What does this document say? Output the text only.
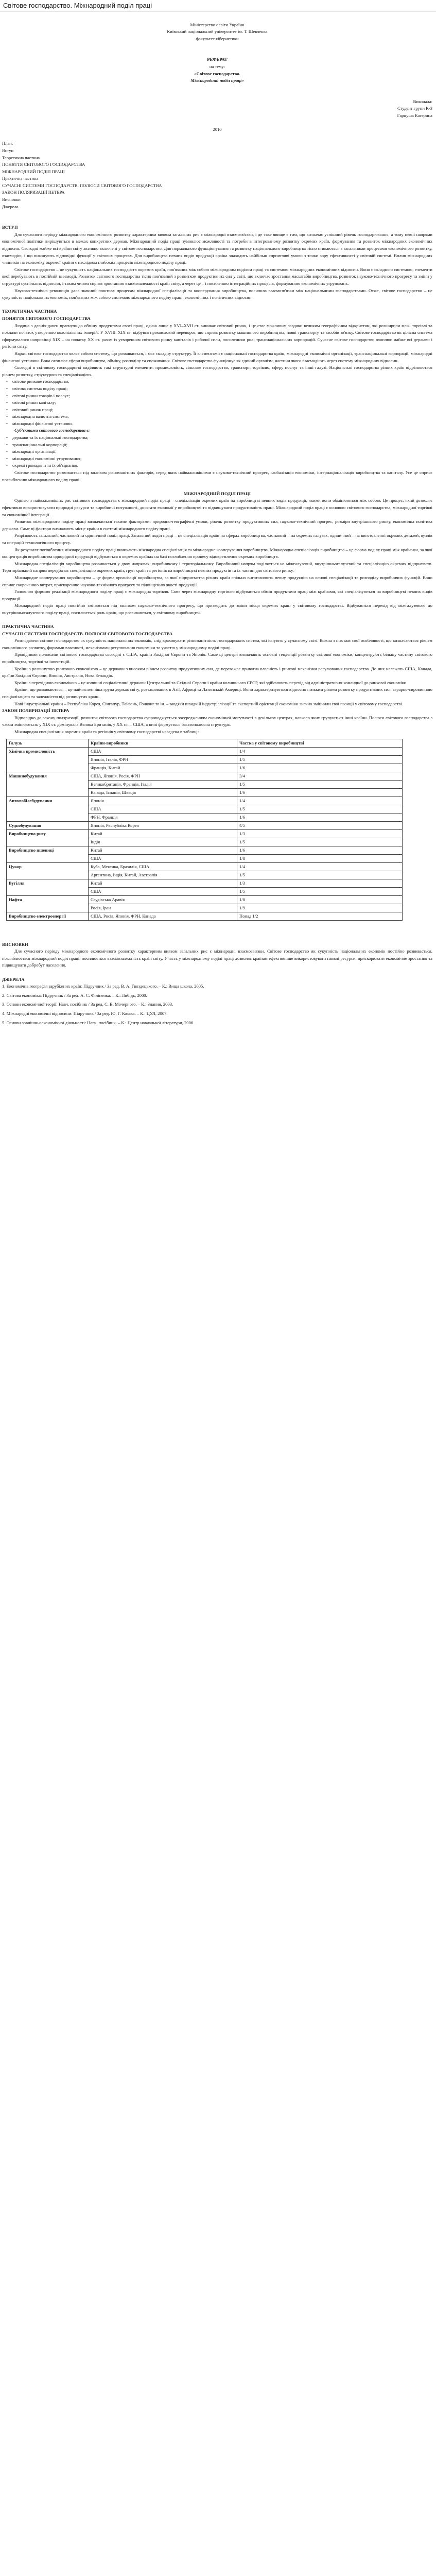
Світове господарство. Міжнародний поділ праці

Міністерство освіти України

Київський національний університет ім. Т. Шевченка

факультет кібернетики

РЕФЕРАТ

на тему:

«Світове господарство.

Міжнародний поділ праці»

Виконала:

Студент групи К-3

Гарнуша Катерина

2010

План:

Вступ

Теоретична частина

ПОНЯТТЯ СВІТОВОГО ГОСПОДАРСТВА

МІЖНАРОДНИЙ ПОДІЛ ПРАЦІ

Практична частина

СУЧАСНІ СИСТЕМИ ГОСПОДАРСТВ. ПОЛЮСИ СВІТОВОГО ГОСПОДАРСТВА

ЗАКОН ПОЛЯРИЗАЦІЇ ПЕТЕРА

Висновки

Джерела

ВСТУП

Для сучасного періоду міжнародного економічного розвитку характерним виявом загальних рис є міжнародні взаємозв'язки, і де таке явище є тим, що визначає успішний рівень господарювання, а тому певні напрями економічної політики вирішуються в межах конкретних держав. Міжнародний поділ праці зумовлює можливості та потреби в інтегрованому розвитку окремих країн, формування та розвиток міжнародних економічних відносин. Сьогодні майже всі країни світу активно включені у світове господарство. Для нормального функціонування та розвитку національного виробництва тісно стикаються з загальними процесами економічного розвитку, взаємодію, і що виконують відповідні функції у світових процесах. Для виробництва певних видів продукції країна знаходить найбільш сприятливі умови з точки зору ефективності у світовій системі. Вплив міжнародних чинників на економіку окремої країни є наслідком глибоких процесів міжнародного поділу праці.

Світове господарство – це сукупність національних господарств окремих країн, пов'язаних між собою міжнародним поділом праці та системою міжнародних економічних відносин. Воно є складною системою, елементи якої перебувають в постійній взаємодії. Розвиток світового господарства тісно пов'язаний з розвитком продуктивних сил у світі, що включає зростання масштабів виробництва, розвиток науково-технічного прогресу та зміни у структурі суспільних відносин, і таким чином сприяє зростанню взаємозалежності країн світу, а через це – і посиленню інтеграційних процесів, формуванню економічних угруповань.

Науково-технічна революція дала значний поштовх процесам міжнародної спеціалізації та кооперування виробництва, посилила взаємозв'язки між національними господарствами. Отже, світове господарство – це сукупність національних економік, пов'язаних між собою системою міжнародного поділу праці, економічних і політичних відносин.

ТЕОРЕТИЧНА ЧАСТИНА

ПОНЯТТЯ СВІТОВОГО ГОСПОДАРСТВА

Людина з давніх-давен прагнула до обміну продуктами своєї праці, однак лише у XVI–XVII ст. виникає світовий ринок, і це стає можливим завдяки великим географічним відкриттям, які розширили межі торгівлі та поклали початок утворенню колоніальних імперій. У XVIII–XIX ст. відбувся промисловий переворот, що сприяв розвитку машинного виробництва, появі транспорту та засобів зв'язку. Світове господарство як цілісна система сформувалося наприкінці XIX – на початку XX ст. разом із утворенням світового ринку капіталів і робочої сили, посиленням ролі транснаціональних корпорацій. Сучасне світове господарство охоплює майже всі держави і регіони світу.

Наразі світове господарство являє собою систему, що розвивається, і має складну структуру. Її елементами є національні господарства країн, міжнародні економічні організації, транснаціональні корпорації, міжнародні фінансові установи. Вона охоплює сфери виробництва, обміну, розподілу та споживання. Світове господарство функціонує як єдиний організм, частини якого взаємодіють через систему міжнародних відносин.

Сьогодні в світовому господарстві виділяють такі структурні елементи: промисловість, сільське господарство, транспорт, торгівлю, сферу послуг та інші галузі. Національні господарства різних країн відрізняються рівнем розвитку, структурою та спеціалізацією.

• світове ринкове господарство;
• світова система поділу праці;
• світові ринки товарів і послуг;
• світові ринки капіталу;
• світовий ринок праці;
• міжнародна валютна система;
• міжнародні фінансові установи.

Суб'єктами світового господарства є:

• держави та їх національні господарства;
• транснаціональні корпорації;
• міжнародні організації;
• міжнародні економічні угруповання;
• окремі громадяни та їх об'єднання.

Світове господарство розвивається під впливом різноманітних факторів, серед яких найважливішими є науково-технічний прогрес, глобалізація економіки, інтернаціоналізація виробництва та капіталу. Усе це сприяє поглибленню міжнародного поділу праці.

МІЖНАРОДНИЙ ПОДІЛ ПРАЦІ

Однією з найважливіших рис світового господарства є міжнародний поділ праці – спеціалізація окремих країн на виробництві певних видів продукції, якими вони обмінюються між собою. Це процес, який дозволяє ефективно використовувати природні ресурси та виробничі потужності, досягати економії у виробництві та підвищувати продуктивність праці. Міжнародний поділ праці є основою світового господарства, міжнародної торгівлі та економічної інтеграції.

Розвиток міжнародного поділу праці визначається такими факторами: природно-географічні умови, рівень розвитку продуктивних сил, науково-технічний прогрес, розміри внутрішнього ринку, економічна політика держави. Саме ці фактори визначають місце країни в системі міжнародного поділу праці.

Розрізняють загальний, частковий та одиничний поділ праці. Загальний поділ праці – це спеціалізація країн на сферах виробництва, частковий – на окремих галузях, одиничний – на виготовленні окремих деталей, вузлів та операцій технологічного процесу.

Як результат поглиблення міжнародного поділу праці виникають міжнародна спеціалізація та міжнародне кооперування виробництва. Міжнародна спеціалізація виробництва – це форма поділу праці між країнами, за якої концентрація виробництва однорідної продукції відбувається в окремих країнах на базі поглиблення процесу відокремлення окремих виробництв.

Міжнародна спеціалізація виробництва розвивається у двох напрямах: виробничому і територіальному. Виробничий напрям поділяється на міжгалузевий, внутрішньогалузевий та спеціалізацію окремих підприємств. Територіальний напрям передбачає спеціалізацію окремих країн, груп країн та регіонів на виробництві певних продуктів та їх частин для світового ринку.

Міжнародне кооперування виробництва – це форма організації виробництва, за якої підприємства різних країн спільно виготовляють певну продукцію на основі спеціалізації та розподілу виробничих функцій. Воно сприяє скороченню витрат, прискоренню науково-технічного прогресу та підвищенню якості продукції.

Головною формою реалізації міжнародного поділу праці є міжнародна торгівля. Саме через міжнародну торгівлю відбувається обмін продуктами праці між країнами, які спеціалізуються на виробництві певних видів продукції.

Міжнародний поділ праці постійно змінюється під впливом науково-технічного прогресу, що призводить до зміни місця окремих країн у світовому господарстві. Відбувається перехід від міжгалузевого до внутрішньогалузевого поділу праці, посилюється роль країн, що розвиваються, у світовому виробництві.

ПРАКТИЧНА ЧАСТИНА

СУЧАСНІ СИСТЕМИ ГОСПОДАРСТВ. ПОЛЮСИ СВІТОВОГО ГОСПОДАРСТВА

Розглядаючи світове господарство як сукупність національних економік, слід враховувати різноманітність господарських систем, які існують у сучасному світі. Кожна з них має свої особливості, що визначаються рівнем економічного розвитку, формами власності, механізмами регулювання економіки та участю у міжнародному поділі праці.

Провідними полюсами світового господарства сьогодні є США, країни Західної Європи та Японія. Саме ці центри визначають основні тенденції розвитку світової економіки, концентрують більшу частину світового виробництва, торгівлі та інвестицій.

Країни з розвинутою ринковою економікою – це держави з високим рівнем розвитку продуктивних сил, де переважає приватна власність і ринкові механізми регулювання господарства. До них належать США, Канада, країни Західної Європи, Японія, Австралія, Нова Зеландія.

Країни з перехідною економікою – це колишні соціалістичні держави Центральної та Східної Європи і країни колишнього СРСР, які здійснюють перехід від адміністративно-командної до ринкової економіки.

Країни, що розвиваються, – це найчисленніша група держав світу, розташованих в Азії, Африці та Латинській Америці. Вони характеризуються відносно низьким рівнем розвитку продуктивних сил, аграрно-сировинною спеціалізацією та залежністю від розвинутих країн.

Нові індустріальні країни – Республіка Корея, Сінгапур, Тайвань, Гонконг та ін. – завдяки швидкій індустріалізації та експортній орієнтації економіки значно зміцнили свої позиції у світовому господарстві.

ЗАКОН ПОЛЯРИЗАЦІЇ ПЕТЕРА

Відповідно до закону поляризації, розвиток світового господарства супроводжується зосередженням економічної могутності в декількох центрах, навколо яких групуються інші країни. Полюси світового господарства з часом змінюються: у XIX ст. домінувала Велика Британія, у XX ст. – США, а нині формується багатополюсна структура.

Міжнародна спеціалізація окремих країн та регіонів у світовому господарстві наведена в таблиці:

Галузь	Країни-виробники	Частка у світовому виробництві
Хімічна промисловість	США	1/4
	Японія, Італія, ФРН	1/5
	Франція, Китай	1/6
Машинобудування	США, Японія, Росія, ФРН	3/4
	Великобританія, Франція, Італія	1/5
	Канада, Іспанія, Швеція	1/6
Автомобілебудування	Японія	1/4
	США	1/5
	ФРН, Франція	1/6
Суднобудування	Японія, Республіка Корея	4/5
Виробництво рису	Китай	1/3
	Індія	1/5
Виробництво пшениці	Китай	1/6
	США	1/8
Цукор	Куба, Мексика, Бразилія, США	1/4
	Аргентина, Індія, Китай, Австралія	1/5
Вугілля	Китай	1/3
	США	1/5
Нафта	Саудівська Аравія	1/8
	Росія, Іран	1/9
Виробництво електроенергії	США, Росія, Японія, ФРН, Канада	Понад 1/2

ВИСНОВКИ

Для сучасного періоду міжнародного економічного розвитку характерним виявом загальних рис є міжнародні взаємозв'язки. Світове господарство як сукупність національних економік постійно розвивається, поглиблюється міжнародний поділ праці, посилюється взаємозалежність країн світу. Участь у міжнародному поділі праці дозволяє країнам ефективніше використовувати наявні ресурси, прискорювати економічне зростання та підвищувати добробут населення.

ДЖЕРЕЛА

1. Економічна географія зарубіжних країн: Підручник / За ред. В. А. Гвоздецького. – К.: Вища школа, 2005.

2. Світова економіка: Підручник / За ред. А. С. Філіпенка. – К.: Либідь, 2000.

3. Основи економічної теорії: Навч. посібник / За ред. С. В. Мочерного. – К.: Знання, 2003.

4. Міжнародні економічні відносини: Підручник / За ред. Ю. Г. Козака. – К.: ЦУЛ, 2007.

5. Основи зовнішньоекономічної діяльності: Навч. посібник. – К.: Центр навчальної літератури, 2006.
